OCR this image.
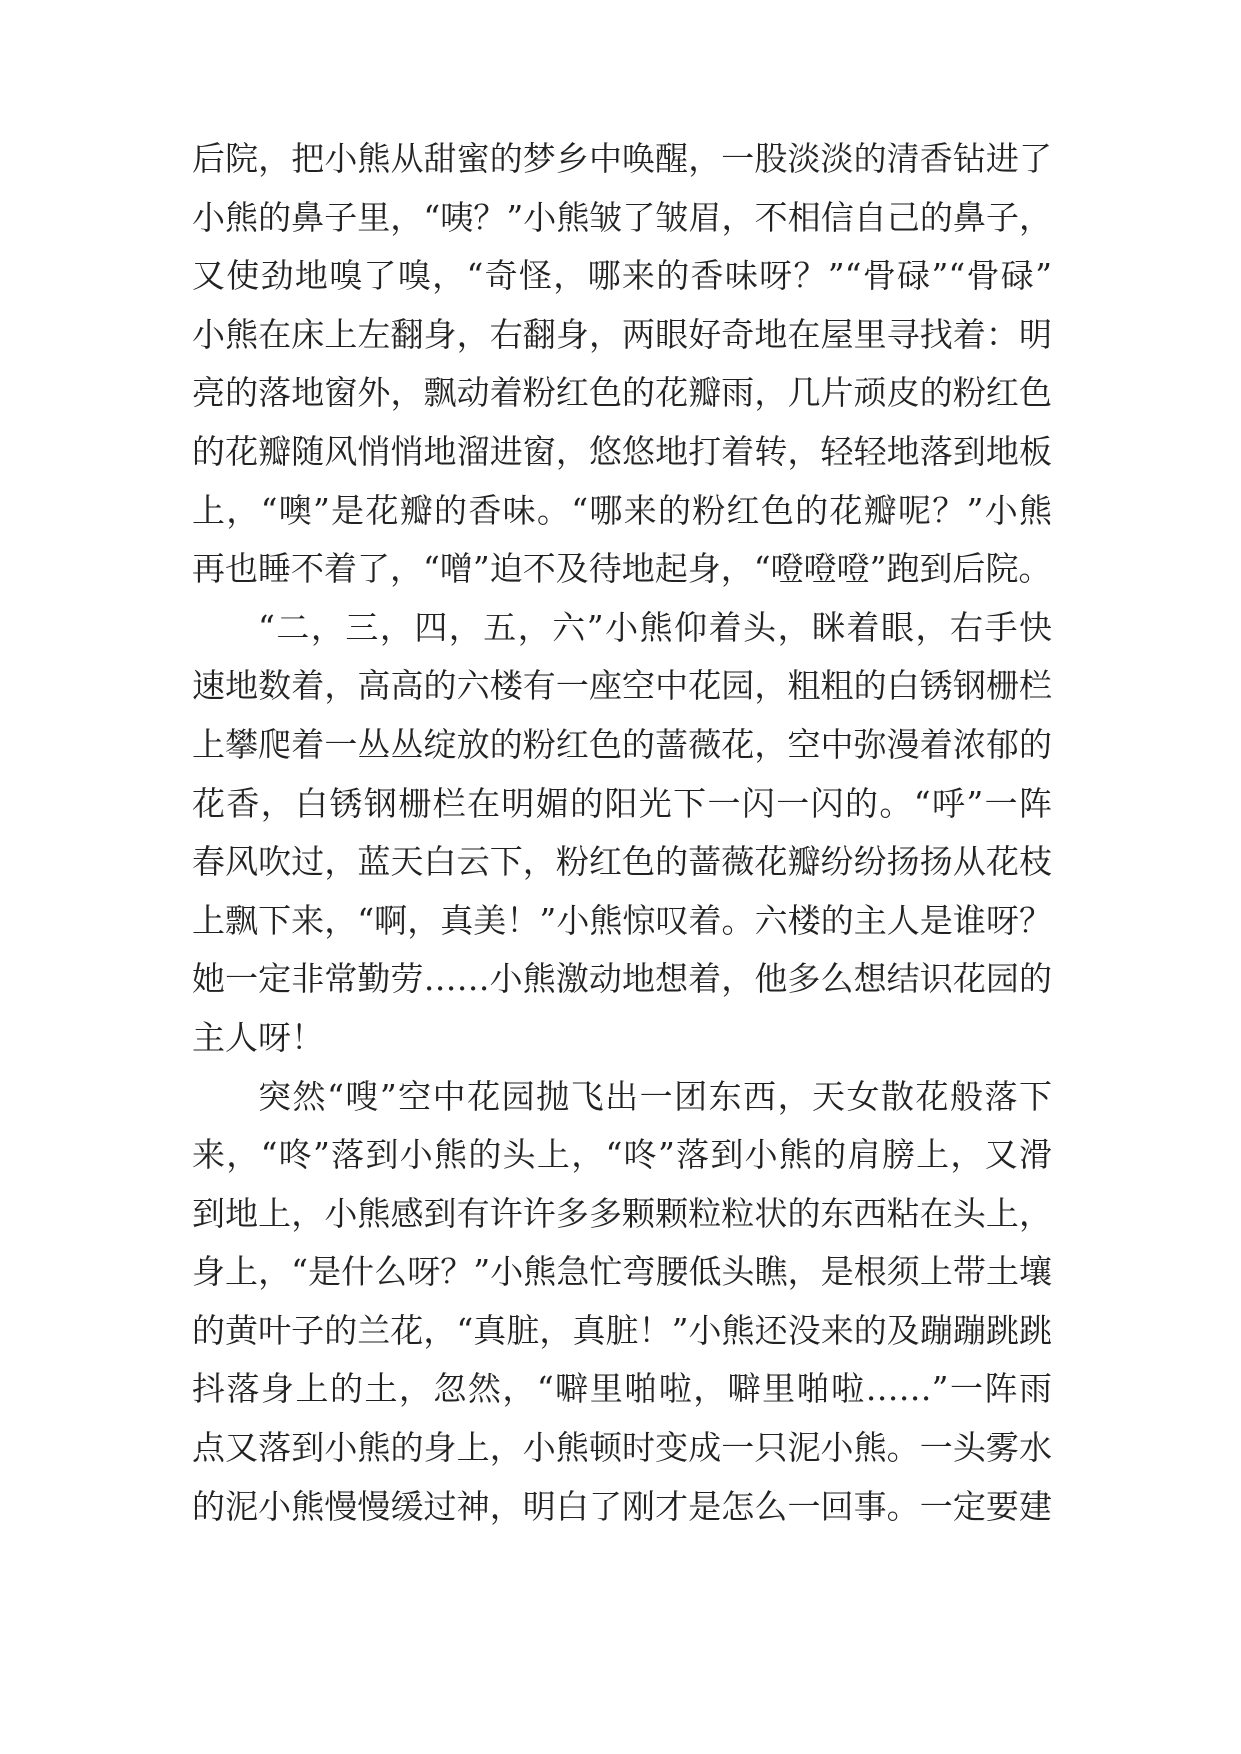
后院，把小熊从甜蜜的梦乡中唤醒，一股淡淡的清香钻进了
小熊的鼻子里，“咦？”小熊皱了皱眉，不相信自己的鼻子，
又使劲地嗅了嗅，“奇怪，哪来的香味呀？”“骨碌”“骨碌”
小熊在床上左翻身，右翻身，两眼好奇地在屋里寻找着：明
亮的落地窗外，飘动着粉红色的花瓣雨，几片顽皮的粉红色
的花瓣随风悄悄地溜进窗，悠悠地打着转，轻轻地落到地板
上，“噢”是花瓣的香味。“哪来的粉红色的花瓣呢？”小熊
再也睡不着了，“噌”迫不及待地起身，“噔噔噔”跑到后院。
“二，三，四，五，六”小熊仰着头，眯着眼，右手快
速地数着，高高的六楼有一座空中花园，粗粗的白锈钢栅栏
上攀爬着一丛丛绽放的粉红色的蔷薇花，空中弥漫着浓郁的
花香，白锈钢栅栏在明媚的阳光下一闪一闪的。“呼”一阵
春风吹过，蓝天白云下，粉红色的蔷薇花瓣纷纷扬扬从花枝
上飘下来，“啊，真美！”小熊惊叹着。六楼的主人是谁呀？
她一定非常勤劳……小熊激动地想着，他多么想结识花园的
主人呀！
突然“嗖”空中花园抛飞出一团东西，天女散花般落下
来，“咚”落到小熊的头上，“咚”落到小熊的肩膀上，又滑
到地上，小熊感到有许许多多颗颗粒粒状的东西粘在头上，
身上，“是什么呀？”小熊急忙弯腰低头瞧，是根须上带土壤
的黄叶子的兰花，“真脏，真脏！”小熊还没来的及蹦蹦跳跳
抖落身上的土，忽然，“噼里啪啦，噼里啪啦……”一阵雨
点又落到小熊的身上，小熊顿时变成一只泥小熊。一头雾水
的泥小熊慢慢缓过神，明白了刚才是怎么一回事。一定要建
